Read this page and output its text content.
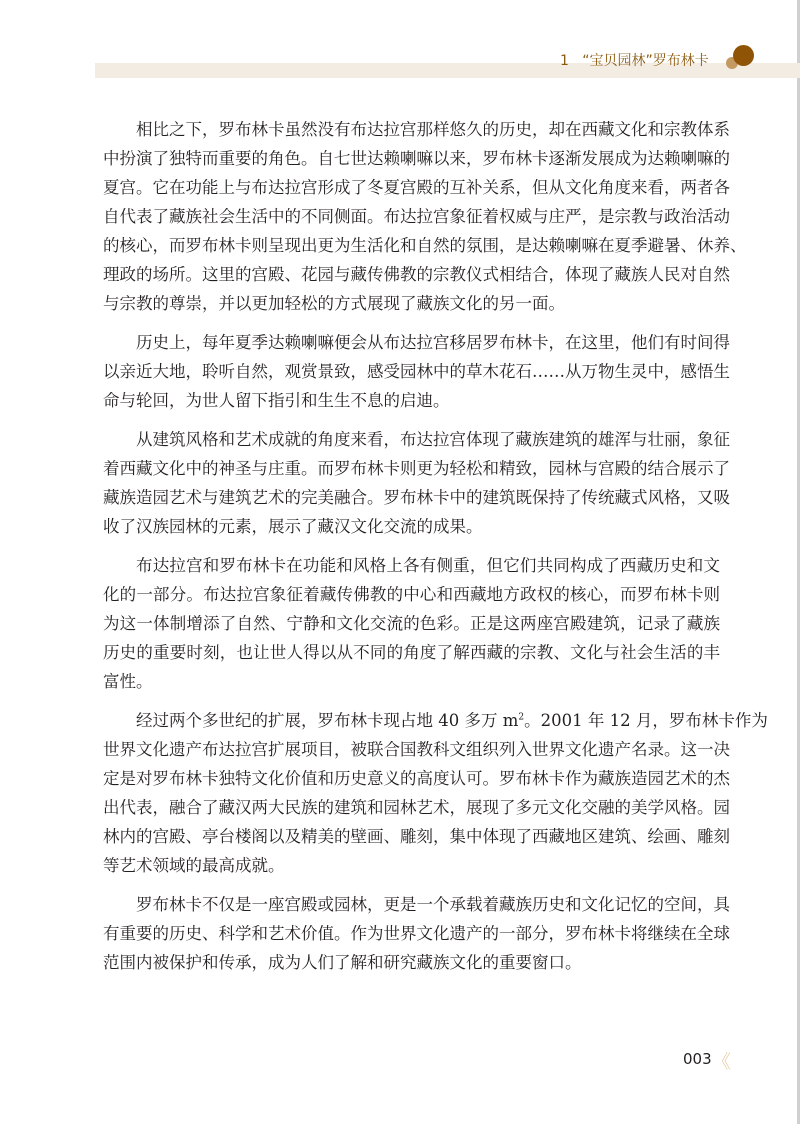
1 “宝贝园林”罗布林卡
相比之下，罗布林卡虽然没有布达拉宫那样悠久的历史，却在西藏文化和宗教体系
中扮演了独特而重要的角色。自七世达赖喇嘛以来，罗布林卡逐渐发展成为达赖喇嘛的
夏宫。它在功能上与布达拉宫形成了冬夏宫殿的互补关系，但从文化角度来看，两者各
自代表了藏族社会生活中的不同侧面。布达拉宫象征着权威与庄严，是宗教与政治活动
的核心，而罗布林卡则呈现出更为生活化和自然的氛围，是达赖喇嘛在夏季避暑、休养、
理政的场所。这里的宫殿、花园与藏传佛教的宗教仪式相结合，体现了藏族人民对自然
与宗教的尊崇，并以更加轻松的方式展现了藏族文化的另一面。
历史上，每年夏季达赖喇嘛便会从布达拉宫移居罗布林卡，在这里，他们有时间得
以亲近大地，聆听自然，观赏景致，感受园林中的草木花石……从万物生灵中，感悟生
命与轮回，为世人留下指引和生生不息的启迪。
从建筑风格和艺术成就的角度来看，布达拉宫体现了藏族建筑的雄浑与壮丽，象征
着西藏文化中的神圣与庄重。而罗布林卡则更为轻松和精致，园林与宫殿的结合展示了
藏族造园艺术与建筑艺术的完美融合。罗布林卡中的建筑既保持了传统藏式风格，又吸
收了汉族园林的元素，展示了藏汉文化交流的成果。
布达拉宫和罗布林卡在功能和风格上各有侧重，但它们共同构成了西藏历史和文
化的一部分。布达拉宫象征着藏传佛教的中心和西藏地方政权的核心，而罗布林卡则
为这一体制增添了自然、宁静和文化交流的色彩。正是这两座宫殿建筑，记录了藏族
历史的重要时刻，也让世人得以从不同的角度了解西藏的宗教、文化与社会生活的丰
富性。
经过两个多世纪的扩展，罗布林卡现占地 40 多万 $m^2$。2001 年 12 月，罗布林卡作为
世界文化遗产布达拉宫扩展项目，被联合国教科文组织列入世界文化遗产名录。这一决
定是对罗布林卡独特文化价值和历史意义的高度认可。罗布林卡作为藏族造园艺术的杰
出代表，融合了藏汉两大民族的建筑和园林艺术，展现了多元文化交融的美学风格。园
林内的宫殿、亭台楼阁以及精美的壁画、雕刻，集中体现了西藏地区建筑、绘画、雕刻
等艺术领域的最高成就。
罗布林卡不仅是一座宫殿或园林，更是一个承载着藏族历史和文化记忆的空间，具
有重要的历史、科学和艺术价值。作为世界文化遗产的一部分，罗布林卡将继续在全球
范围内被保护和传承，成为人们了解和研究藏族文化的重要窗口。
003 《
